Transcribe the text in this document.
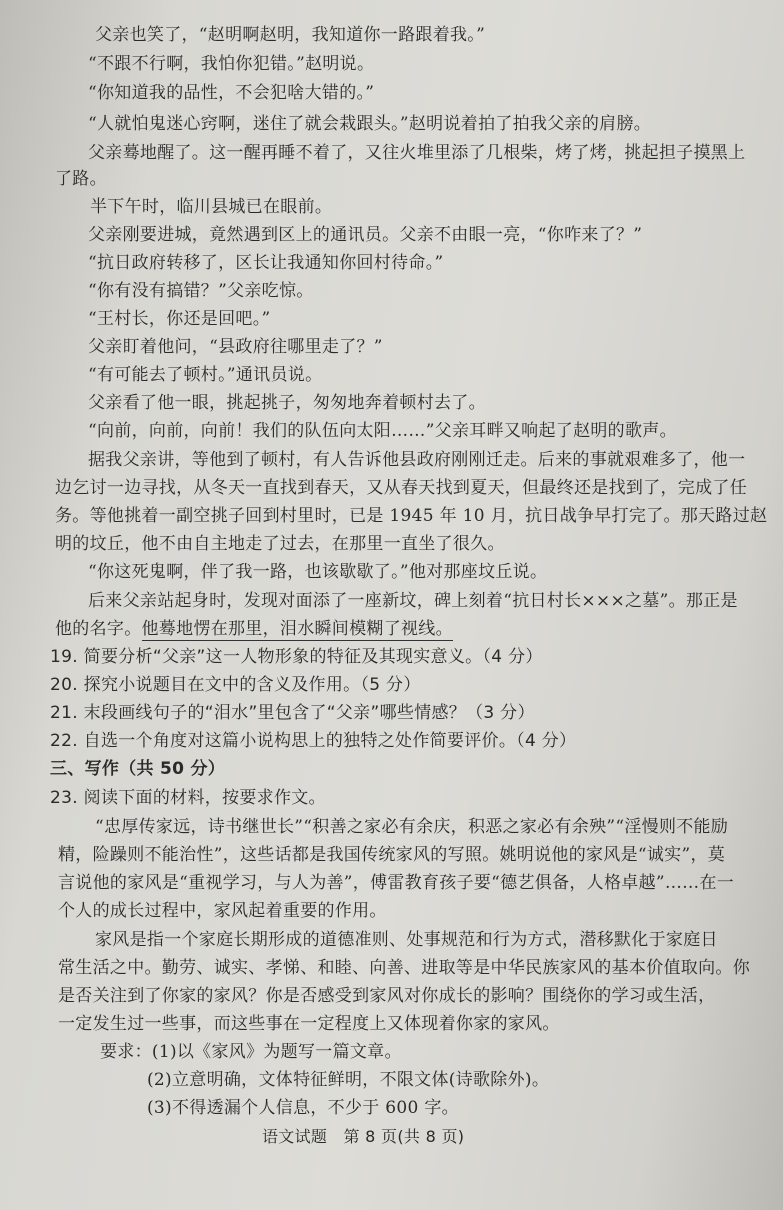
父亲也笑了，“赵明啊赵明，我知道你一路跟着我。”
“不跟不行啊，我怕你犯错。”赵明说。
“你知道我的品性，不会犯啥大错的。”
“人就怕鬼迷心窍啊，迷住了就会栽跟头。”赵明说着拍了拍我父亲的肩膀。
父亲蓦地醒了。这一醒再睡不着了，又往火堆里添了几根柴，烤了烤，挑起担子摸黑上
了路。
半下午时，临川县城已在眼前。
父亲刚要进城，竟然遇到区上的通讯员。父亲不由眼一亮，“你咋来了？”
“抗日政府转移了，区长让我通知你回村待命。”
“你有没有搞错？”父亲吃惊。
“王村长，你还是回吧。”
父亲盯着他问，“县政府往哪里走了？”
“有可能去了顿村。”通讯员说。
父亲看了他一眼，挑起挑子，匆匆地奔着顿村去了。
“向前，向前，向前！我们的队伍向太阳……”父亲耳畔又响起了赵明的歌声。
据我父亲讲，等他到了顿村，有人告诉他县政府刚刚迁走。后来的事就艰难多了，他一
边乞讨一边寻找，从冬天一直找到春天，又从春天找到夏天，但最终还是找到了，完成了任
务。等他挑着一副空挑子回到村里时，已是 1945 年 10 月，抗日战争早打完了。那天路过赵
明的坟丘，他不由自主地走了过去，在那里一直坐了很久。
“你这死鬼啊，伴了我一路，也该歇歇了。”他对那座坟丘说。
后来父亲站起身时，发现对面添了一座新坟，碑上刻着“抗日村长×××之墓”。那正是
他的名字。他蓦地愣在那里，泪水瞬间模糊了视线。
19. 简要分析“父亲”这一人物形象的特征及其现实意义。（4 分）
20. 探究小说题目在文中的含义及作用。（5 分）
21. 末段画线句子的“泪水”里包含了“父亲”哪些情感？（3 分）
22. 自选一个角度对这篇小说构思上的独特之处作简要评价。（4 分）
三、写作（共 50 分）
23. 阅读下面的材料，按要求作文。
“忠厚传家远，诗书继世长”“积善之家必有余庆，积恶之家必有余殃”“淫慢则不能励
精，险躁则不能治性”，这些话都是我国传统家风的写照。姚明说他的家风是“诚实”，莫
言说他的家风是“重视学习，与人为善”，傅雷教育孩子要“德艺俱备，人格卓越”……在一
个人的成长过程中，家风起着重要的作用。
家风是指一个家庭长期形成的道德准则、处事规范和行为方式，潜移默化于家庭日
常生活之中。勤劳、诚实、孝悌、和睦、向善、进取等是中华民族家风的基本价值取向。你
是否关注到了你家的家风？你是否感受到家风对你成长的影响？围绕你的学习或生活，
一定发生过一些事，而这些事在一定程度上又体现着你家的家风。
要求：(1)以《家风》为题写一篇文章。
(2)立意明确，文体特征鲜明，不限文体(诗歌除外)。
(3)不得透漏个人信息，不少于 600 字。
语文试题　第 8 页(共 8 页)
